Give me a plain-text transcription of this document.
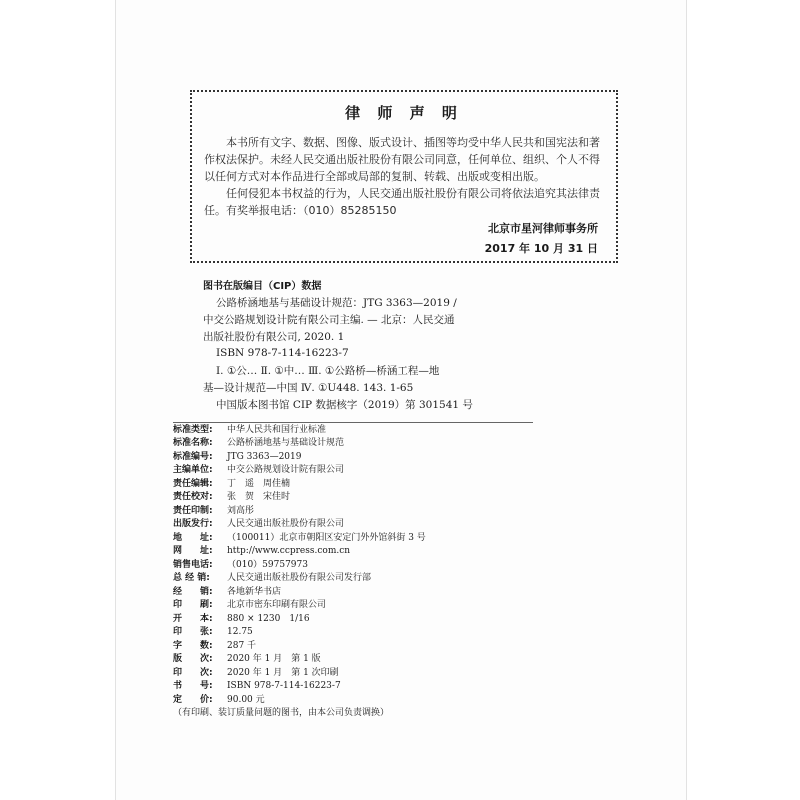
律 师 声 明

本书所有文字、数据、图像、版式设计、插图等均受中华人民共和国宪法和著作权法保护。未经人民交通出版社股份有限公司同意，任何单位、组织、个人不得以任何方式对本作品进行全部或局部的复制、转载、出版或变相出版。

任何侵犯本书权益的行为，人民交通出版社股份有限公司将依法追究其法律责任。 有奖举报电话：（010）85285150

北京市星河律师事务所
2017 年 10 月 31 日
图书在版编目（CIP）数据
公路桥涵地基与基础设计规范：JTG 3363—2019 /
中交公路规划设计院有限公司主编. — 北京：人民交通
出版社股份有限公司, 2020. 1
ISBN 978-7-114-16223-7
Ⅰ. ①公… Ⅱ. ①中… Ⅲ. ①公路桥—桥涵工程—地
基—设计规范—中国 Ⅳ. ①U448. 143. 1-65
中国版本图书馆 CIP 数据核字（2019）第 301541 号
标准类型: 中华人民共和国行业标准
标准名称: 公路桥涵地基与基础设计规范
标准编号: JTG 3363—2019
主编单位: 中交公路规划设计院有限公司
责任编辑: 丁　遥　周佳楠
责任校对: 张　贺　宋佳时
责任印制: 刘高彤
出版发行: 人民交通出版社股份有限公司
地　　址: （100011）北京市朝阳区安定门外外馆斜街 3 号
网　　址: http://www.ccpress.com.cn
销售电话: （010）59757973
总 经 销: 人民交通出版社股份有限公司发行部
经　　销: 各地新华书店
印　　刷: 北京市密东印刷有限公司
开　　本: 880 × 1230　1/16
印　　张: 12.75
字　　数: 287 千
版　　次: 2020 年 1 月　第 1 版
印　　次: 2020 年 1 月　第 1 次印刷
书　　号: ISBN 978-7-114-16223-7
定　　价: 90.00 元
（有印刷、装订质量问题的图书，由本公司负责调换）
